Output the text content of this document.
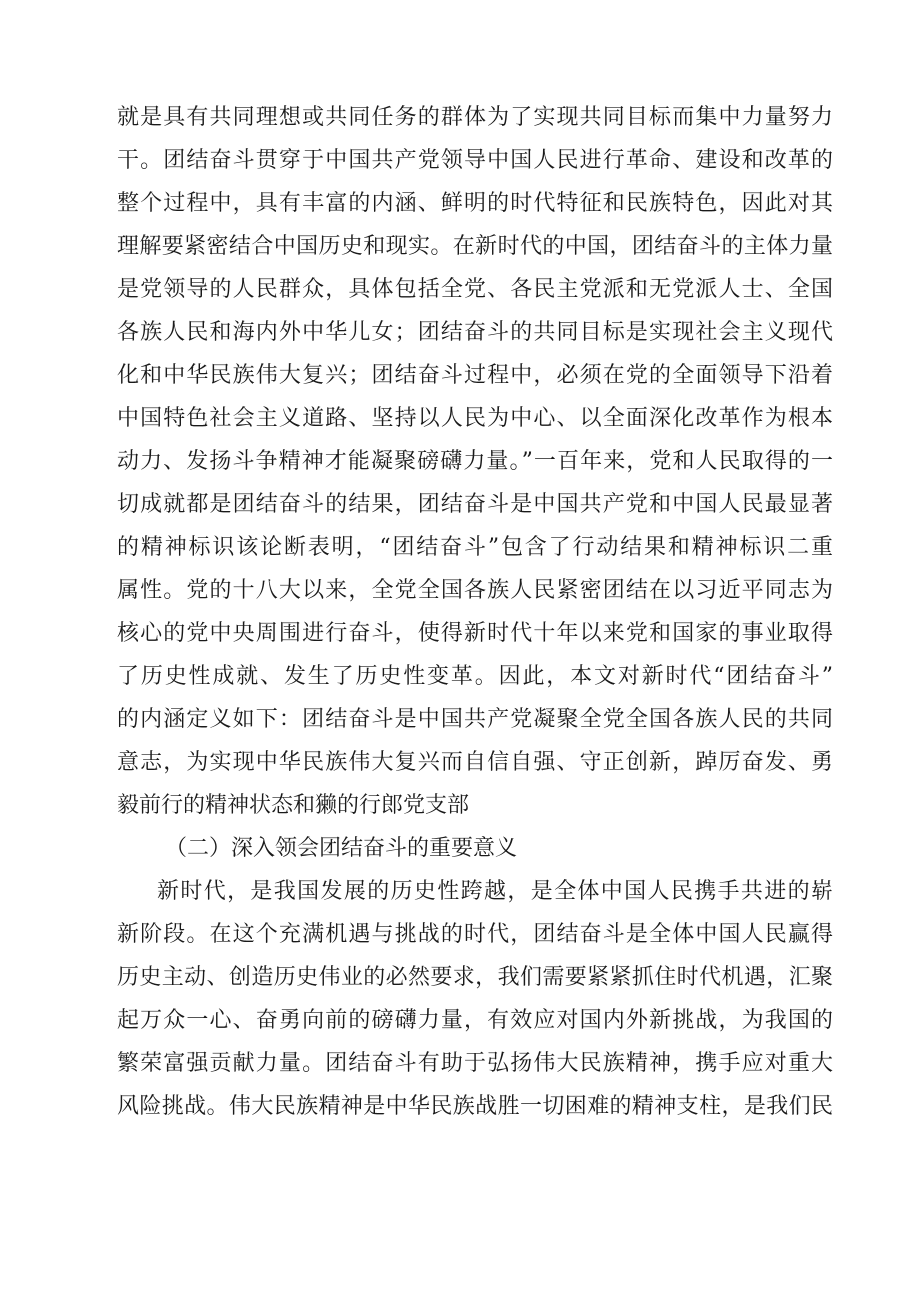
就是具有共同理想或共同任务的群体为了实现共同目标而集中力量努力
干。团结奋斗贯穿于中国共产党领导中国人民进行革命、建设和改革的
整个过程中，具有丰富的内涵、鲜明的时代特征和民族特色，因此对其
理解要紧密结合中国历史和现实。在新时代的中国，团结奋斗的主体力量
是党领导的人民群众，具体包括全党、各民主党派和无党派人士、全国
各族人民和海内外中华儿女；团结奋斗的共同目标是实现社会主义现代
化和中华民族伟大复兴；团结奋斗过程中，必须在党的全面领导下沿着
中国特色社会主义道路、坚持以人民为中心、以全面深化改革作为根本
动力、发扬斗争精神才能凝聚磅礴力量。”一百年来，党和人民取得的一
切成就都是团结奋斗的结果，团结奋斗是中国共产党和中国人民最显著
的精神标识该论断表明，“团结奋斗”包含了行动结果和精神标识二重
属性。党的十八大以来，全党全国各族人民紧密团结在以习近平同志为
核心的党中央周围进行奋斗，使得新时代十年以来党和国家的事业取得
了历史性成就、发生了历史性变革。因此，本文对新时代“团结奋斗”
的内涵定义如下：团结奋斗是中国共产党凝聚全党全国各族人民的共同
意志，为实现中华民族伟大复兴而自信自强、守正创新，踔厉奋发、勇
毅前行的精神状态和獭的行郎党支部
（二）深入领会团结奋斗的重要意义
新时代，是我国发展的历史性跨越，是全体中国人民携手共进的崭
新阶段。在这个充满机遇与挑战的时代，团结奋斗是全体中国人民赢得
历史主动、创造历史伟业的必然要求，我们需要紧紧抓住时代机遇，汇聚
起万众一心、奋勇向前的磅礴力量，有效应对国内外新挑战，为我国的
繁荣富强贡献力量。团结奋斗有助于弘扬伟大民族精神，携手应对重大
风险挑战。伟大民族精神是中华民族战胜一切困难的精神支柱，是我们民
